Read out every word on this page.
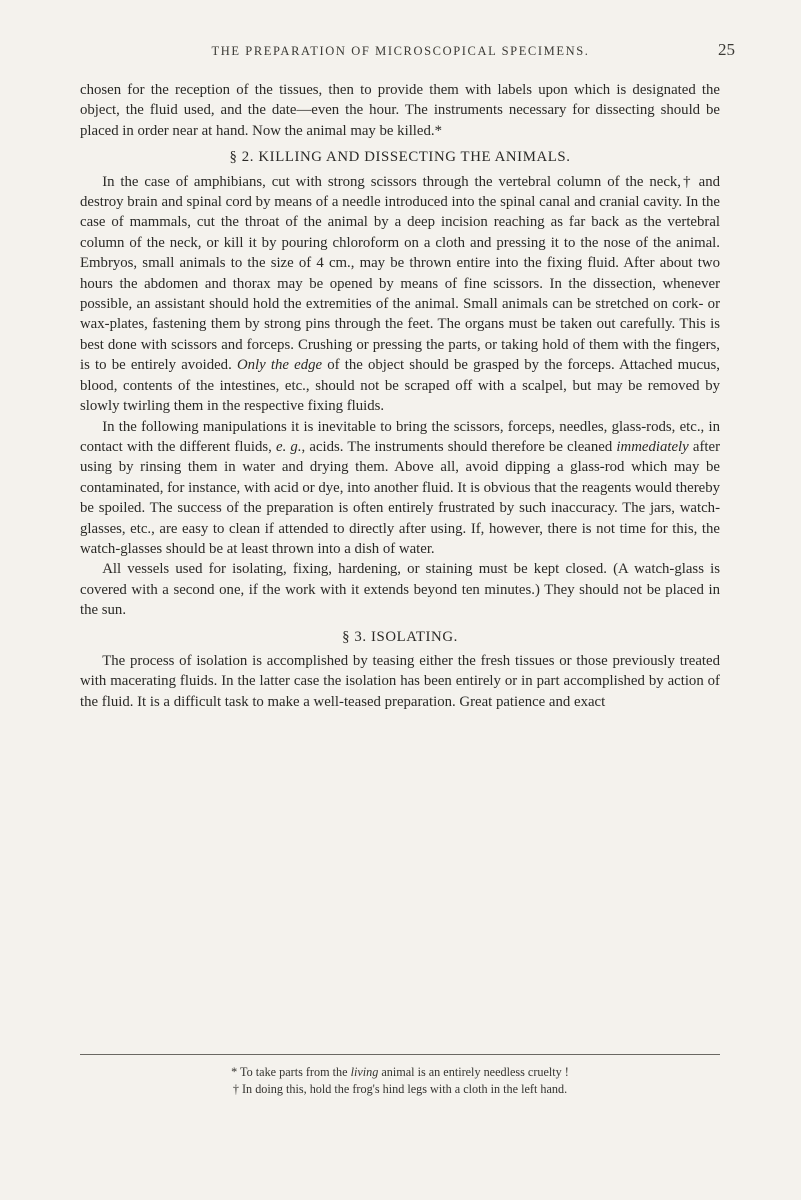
THE PREPARATION OF MICROSCOPICAL SPECIMENS.	25

chosen for the reception of the tissues, then to provide them with labels upon which is designated the object, the fluid used, and the date—even the hour. The instruments necessary for dissecting should be placed in order near at hand. Now the animal may be killed.*

§ 2. KILLING AND DISSECTING THE ANIMALS.

In the case of amphibians, cut with strong scissors through the vertebral column of the neck,† and destroy brain and spinal cord by means of a needle introduced into the spinal canal and cranial cavity. In the case of mammals, cut the throat of the animal by a deep incision reaching as far back as the vertebral column of the neck, or kill it by pouring chloroform on a cloth and pressing it to the nose of the animal. Embryos, small animals to the size of 4 cm., may be thrown entire into the fixing fluid. After about two hours the abdomen and thorax may be opened by means of fine scissors. In the dissection, whenever possible, an assistant should hold the extremities of the animal. Small animals can be stretched on cork- or wax-plates, fastening them by strong pins through the feet. The organs must be taken out carefully. This is best done with scissors and forceps. Crushing or pressing the parts, or taking hold of them with the fingers, is to be entirely avoided. Only the edge of the object should be grasped by the forceps. Attached mucus, blood, contents of the intestines, etc., should not be scraped off with a scalpel, but may be removed by slowly twirling them in the respective fixing fluids.

In the following manipulations it is inevitable to bring the scissors, forceps, needles, glass-rods, etc., in contact with the different fluids, e. g., acids. The instruments should therefore be cleaned immediately after using by rinsing them in water and drying them. Above all, avoid dipping a glass-rod which may be contaminated, for instance, with acid or dye, into another fluid. It is obvious that the reagents would thereby be spoiled. The success of the preparation is often entirely frustrated by such inaccuracy. The jars, watch-glasses, etc., are easy to clean if attended to directly after using. If, however, there is not time for this, the watch-glasses should be at least thrown into a dish of water.

All vessels used for isolating, fixing, hardening, or staining must be kept closed. (A watch-glass is covered with a second one, if the work with it extends beyond ten minutes.) They should not be placed in the sun.

§ 3. ISOLATING.

The process of isolation is accomplished by teasing either the fresh tissues or those previously treated with macerating fluids. In the latter case the isolation has been entirely or in part accomplished by action of the fluid. It is a difficult task to make a well-teased preparation. Great patience and exact

* To take parts from the living animal is an entirely needless cruelty !
† In doing this, hold the frog's hind legs with a cloth in the left hand.
